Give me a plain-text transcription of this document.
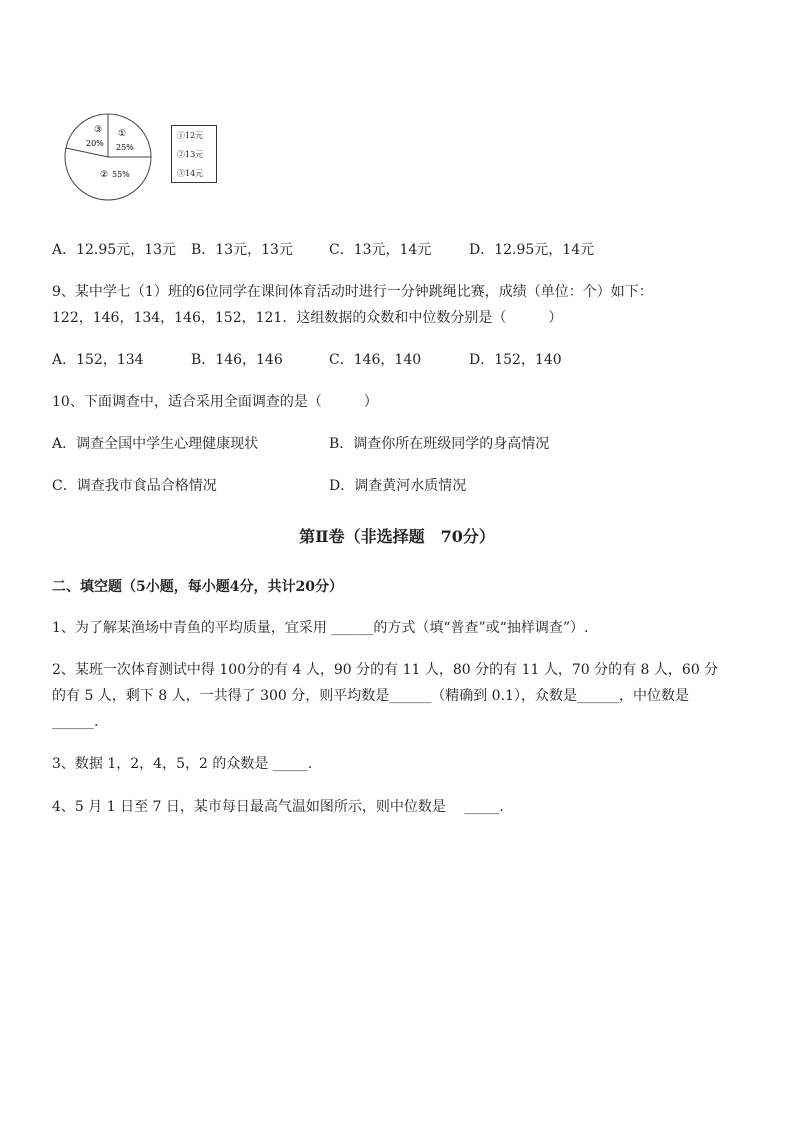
①
25%
③
20%
② 55%
①12元
②13元
③14元
A．12.95元，13元 B．13元，13元	C．13元，14元	D．12.95元，14元
9、某中学七（1）班的6位同学在课间体育活动时进行一分钟跳绳比赛，成绩（单位：个）如下：
122，146，134，146，152，121．这组数据的众数和中位数分别是（　　　）
A．152，134	B．146，146	C．146，140	D．152，140
10、下面调查中，适合采用全面调查的是（　　　）
A．调查全国中学生心理健康现状	B．调查你所在班级同学的身高情况
C．调查我市食品合格情况	D．调查黄河水质情况
第Ⅱ卷（非选择题　70分）
二、填空题（5小题，每小题4分，共计20分）
1、为了解某渔场中青鱼的平均质量，宜采用 ______的方式（填“普查”或“抽样调查”）.
2、某班一次体育测试中得 100分的有 4 人，90 分的有 11 人，80 分的有 11 人，70 分的有 8 人，60 分
的有 5 人，剩下 8 人，一共得了 300 分，则平均数是______（精确到 0.1），众数是______，中位数是
______.
3、数据 1，2，4，5，2 的众数是 _____.
4、5 月 1 日至 7 日，某市每日最高气温如图所示，则中位数是　 _____.
